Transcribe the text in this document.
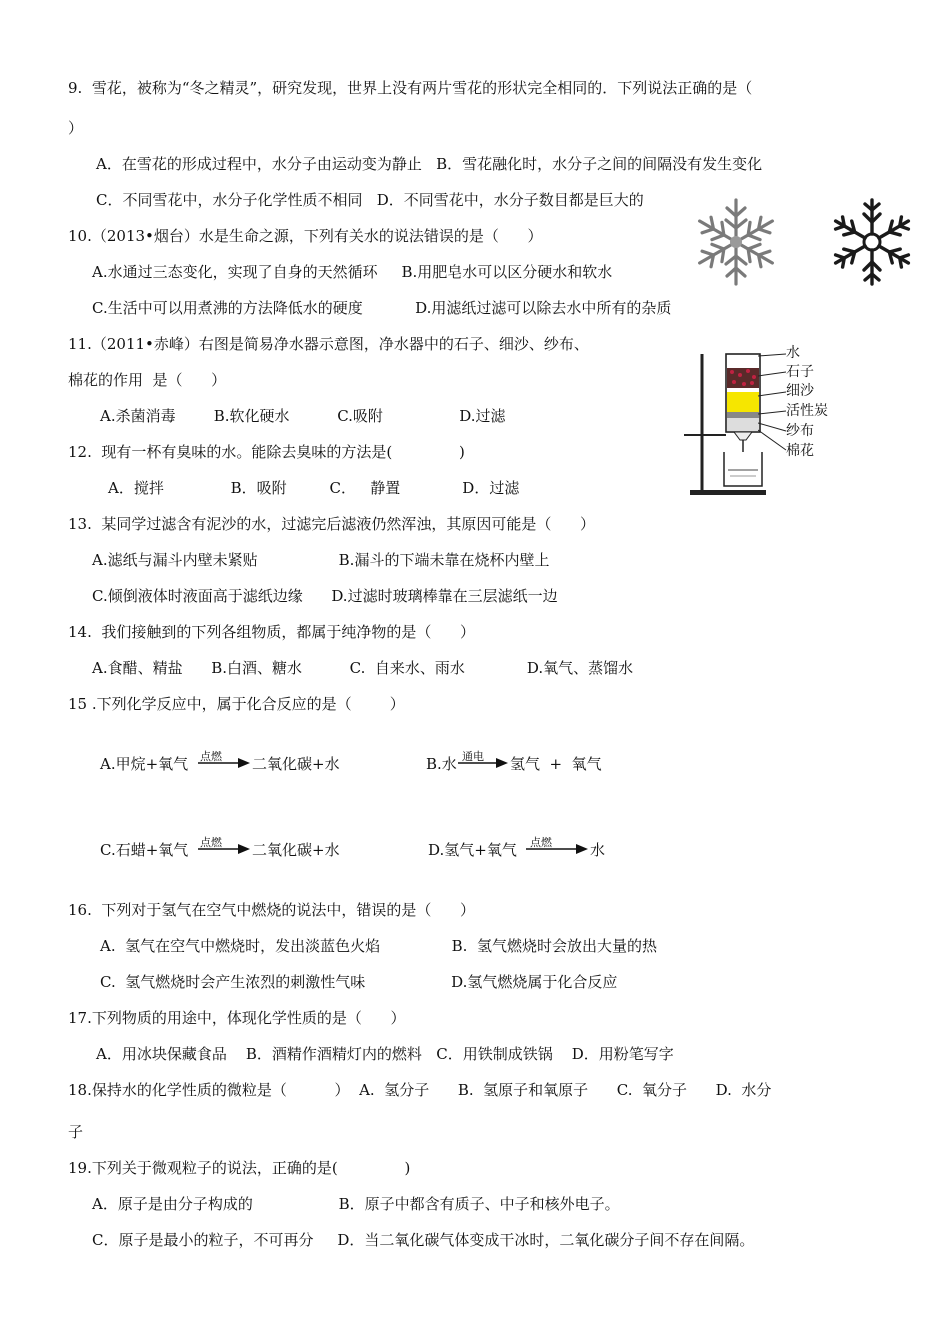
9.  雪花，被称为“冬之精灵”，研究发现，世界上没有两片雪花的形状完全相同的．下列说法正确的是（
）
A．在雪花的形成过程中，水分子由运动变为静止   B．雪花融化时，水分子之间的间隔没有发生变化
C．不同雪花中，水分子化学性质不相同   D．不同雪花中，水分子数目都是巨大的
10.（2013•烟台）水是生命之源，下列有关水的说法错误的是（      ）
A.水通过三态变化，实现了自身的天然循环     B.用肥皂水可以区分硬水和软水
C.生活中可以用煮沸的方法降低水的硬度           D.用滤纸过滤可以除去水中所有的杂质
11.（2011•赤峰）右图是简易净水器示意图，净水器中的石子、细沙、纱布、
棉花的作用  是（      ）
A.杀菌消毒        B.软化硬水          C.吸附                D.过滤
水
石子
细沙
活性炭
纱布
棉花
12.  现有一杯有臭味的水。能除去臭味的方法是(              )
A．搅拌              B．吸附         C．   静置             D．过滤
13.  某同学过滤含有泥沙的水，过滤完后滤液仍然浑浊，其原因可能是（      ）
A.滤纸与漏斗内壁未紧贴                 B.漏斗的下端未靠在烧杯内壁上
C.倾倒液体时液面高于滤纸边缘      D.过滤时玻璃棒靠在三层滤纸一边
14.  我们接触到的下列各组物质，都属于纯净物的是（      ）
A.食醋、精盐      B.白酒、糖水          C.  自来水、雨水             D.氧气、蒸馏水
15 .下列化学反应中，属于化合反应的是（        ）
A.甲烷+氧气 点燃 二氧化碳+水	B.水 通电 氢气  +  氧气
C.石蜡+氧气 点燃 二氧化碳+水	D.氢气+氧气 点燃	水
16.  下列对于氢气在空气中燃烧的说法中，错误的是（      ）
A.  氢气在空气中燃烧时，发出淡蓝色火焰               B.  氢气燃烧时会放出大量的热
C.  氢气燃烧时会产生浓烈的刺激性气味                  D.氢气燃烧属于化合反应
17.下列物质的用途中，体现化学性质的是（      ）
A．用冰块保藏食品    B．酒精作酒精灯内的燃料   C．用铁制成铁锅    D．用粉笔写字
18.保持水的化学性质的微粒是（          ）  A.  氢分子      B.  氢原子和氧原子      C.  氧分子      D.  水分
子
19.下列关于微观粒子的说法，正确的是(              )
A．原子是由分子构成的                  B．原子中都含有质子、中子和核外电子。
C．原子是最小的粒子，不可再分     D．当二氧化碳气体变成干冰时，二氧化碳分子间不存在间隔。
